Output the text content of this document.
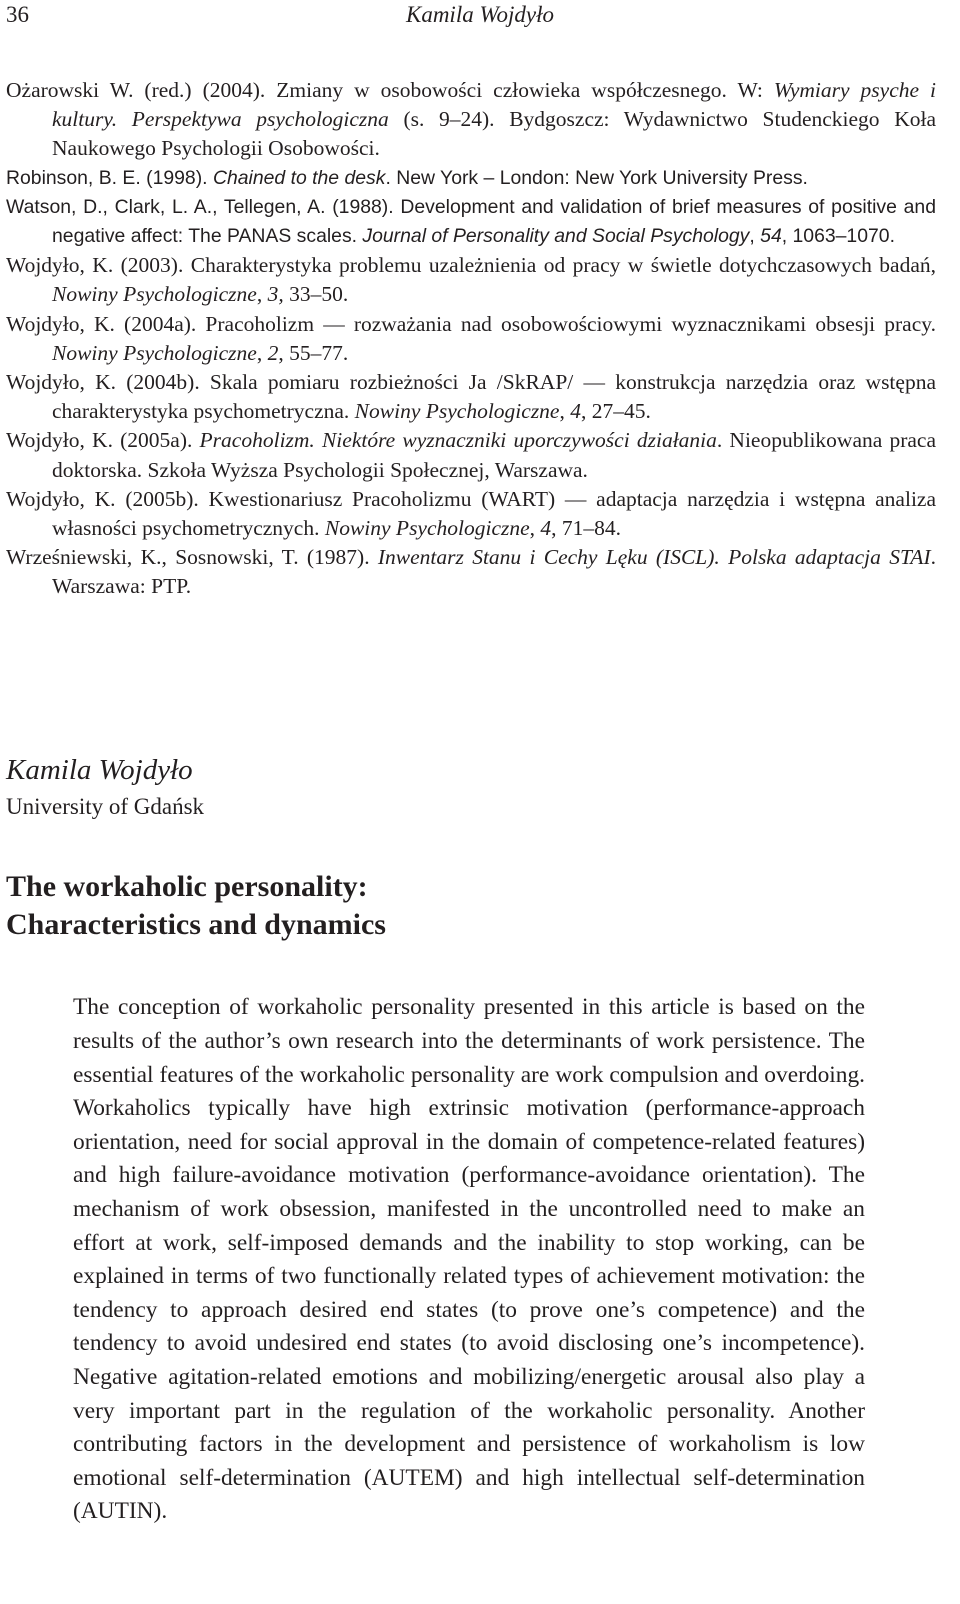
36	Kamila Wojdyło
Ożarowski W. (red.) (2004). Zmiany w osobowości człowieka współczesnego. W: Wymiary psyche i kultury. Perspektywa psychologiczna (s. 9–24). Bydgoszcz: Wydawnictwo Studenckiego Koła Naukowego Psychologii Osobowości.
Robinson, B. E. (1998). Chained to the desk. New York – London: New York University Press.
Watson, D., Clark, L. A., Tellegen, A. (1988). Development and validation of brief measures of positive and negative affect: The PANAS scales. Journal of Personality and Social Psychology, 54, 1063–1070.
Wojdyło, K. (2003). Charakterystyka problemu uzależnienia od pracy w świetle dotychczasowych badań, Nowiny Psychologiczne, 3, 33–50.
Wojdyło, K. (2004a). Pracoholizm — rozważania nad osobowościowymi wyznacznikami obsesji pracy. Nowiny Psychologiczne, 2, 55–77.
Wojdyło, K. (2004b). Skala pomiaru rozbieżności Ja /SkRAP/ — konstrukcja narzędzia oraz wstępna charakterystyka psychometryczna. Nowiny Psychologiczne, 4, 27–45.
Wojdyło, K. (2005a). Pracoholizm. Niektóre wyznaczniki uporczywości działania. Nieopublikowana praca doktorska. Szkoła Wyższa Psychologii Społecznej, Warszawa.
Wojdyło, K. (2005b). Kwestionariusz Pracoholizmu (WART) — adaptacja narzędzia i wstępna analiza własności psychometrycznych. Nowiny Psychologiczne, 4, 71–84.
Wrześniewski, K., Sosnowski, T. (1987). Inwentarz Stanu i Cechy Lęku (ISCL). Polska adaptacja STAI. Warszawa: PTP.
Kamila Wojdyło
University of Gdańsk
The workaholic personality:
Characteristics and dynamics

The conception of workaholic personality presented in this article is based on the results of the author’s own research into the determinants of work persistence. The essential features of the workaholic personality are work compulsion and overdoing. Workaholics typically have high extrinsic motivation (performance-approach orientation, need for social approval in the domain of competence-related features) and high failure-avoidance motivation (performance-avoidance orientation). The mechanism of work obsession, manifested in the uncontrolled need to make an effort at work, self-imposed demands and the inability to stop working, can be explained in terms of two functionally related types of achievement motivation: the tendency to approach desired end states (to prove one’s competence) and the tendency to avoid undesired end states (to avoid disclosing one’s incompetence). Negative agitation-related emotions and mobilizing/energetic arousal also play a very important part in the regulation of the workaholic personality. Another contributing factors in the development and persistence of workaholism is low emotional self-determination (AUTEM) and high intellectual self-determination (AUTIN).
